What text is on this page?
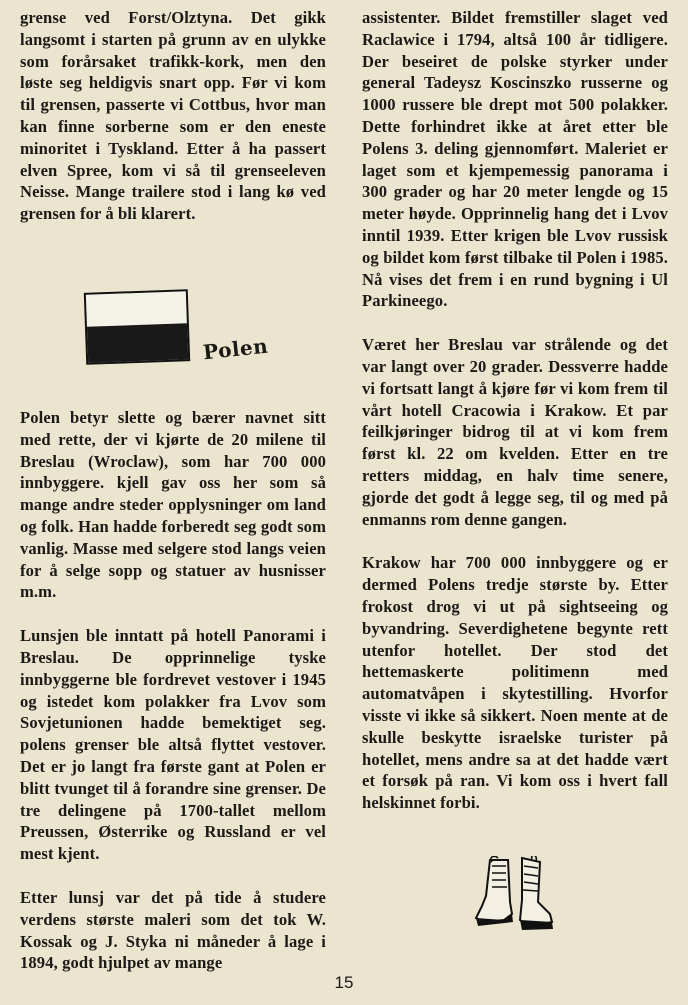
grense ved Forst/Olztyna. Det gikk langsomt i starten på grunn av en ulykke som forårsaket trafikk-kork, men den løste seg heldigvis snart opp. Før vi kom til grensen, passerte vi Cottbus, hvor man kan finne sorberne som er den eneste minoritet i Tyskland. Etter å ha passert elven Spree, kom vi så til grenseeleven Neisse. Mange trailere stod i lang kø ved grensen for å bli klarert.

Polen betyr slette og bærer navnet sitt med rette, der vi kjørte de 20 milene til Breslau (Wroclaw), som har 700 000 innbyggere. kjell gav oss her som så mange andre steder opplysninger om land og folk. Han hadde forberedt seg godt som vanlig. Masse med selgere stod langs veien for å selge sopp og statuer av husnisser m.m.

Lunsjen ble inntatt på hotell Panorami i Breslau. De opprinnelige tyske innbyggerne ble fordrevet vestover i 1945 og istedet kom polakker fra Lvov som Sovjetunionen hadde bemektiget seg. polens grenser ble altså flyttet vestover. Det er jo langt fra første gant at Polen er blitt tvunget til å forandre sine grenser. De tre delingene på 1700-tallet mellom Preussen, Østerrike og Russland er vel mest kjent.

Etter lunsj var det på tide å studere verdens største maleri som det tok W. Kossak og J. Styka ni måneder å lage i 1894, godt hjulpet av mange

Polen

assistenter. Bildet fremstiller slaget ved Raclawice i 1794, altså 100 år tidligere. Der beseiret de polske styrker under general Tadeysz Koscinszko russerne og 1000 russere ble drept mot 500 polakker. Dette forhindret ikke at året etter ble Polens 3. deling gjennomført. Maleriet er laget som et kjempemessig panorama i 300 grader og har 20 meter lengde og 15 meter høyde. Opprinnelig hang det i Lvov inntil 1939. Etter krigen ble Lvov russisk og bildet kom først tilbake til Polen i 1985. Nå vises det frem i en rund bygning i Ul Parkineego.

Været her Breslau var strålende og det var langt over 20 grader. Dessverre hadde vi fortsatt langt å kjøre før vi kom frem til vårt hotell Cracowia i Krakow. Et par feilkjøringer bidrog til at vi kom frem først kl. 22 om kvelden. Etter en tre retters middag, en halv time senere, gjorde det godt å legge seg, til og med på enmanns rom denne gangen.

Krakow har 700 000 innbyggere og er dermed Polens tredje største by. Etter frokost drog vi ut på sightseeing og byvandring. Severdighetene begynte rett utenfor hotellet. Der stod det hettemaskerte politimenn med automatvåpen i skytestilling. Hvorfor visste vi ikke så sikkert. Noen mente at de skulle beskytte israelske turister på hotellet, mens andre sa at det hadde vært et forsøk på ran. Vi kom oss i hvert fall helskinnet forbi.

15
